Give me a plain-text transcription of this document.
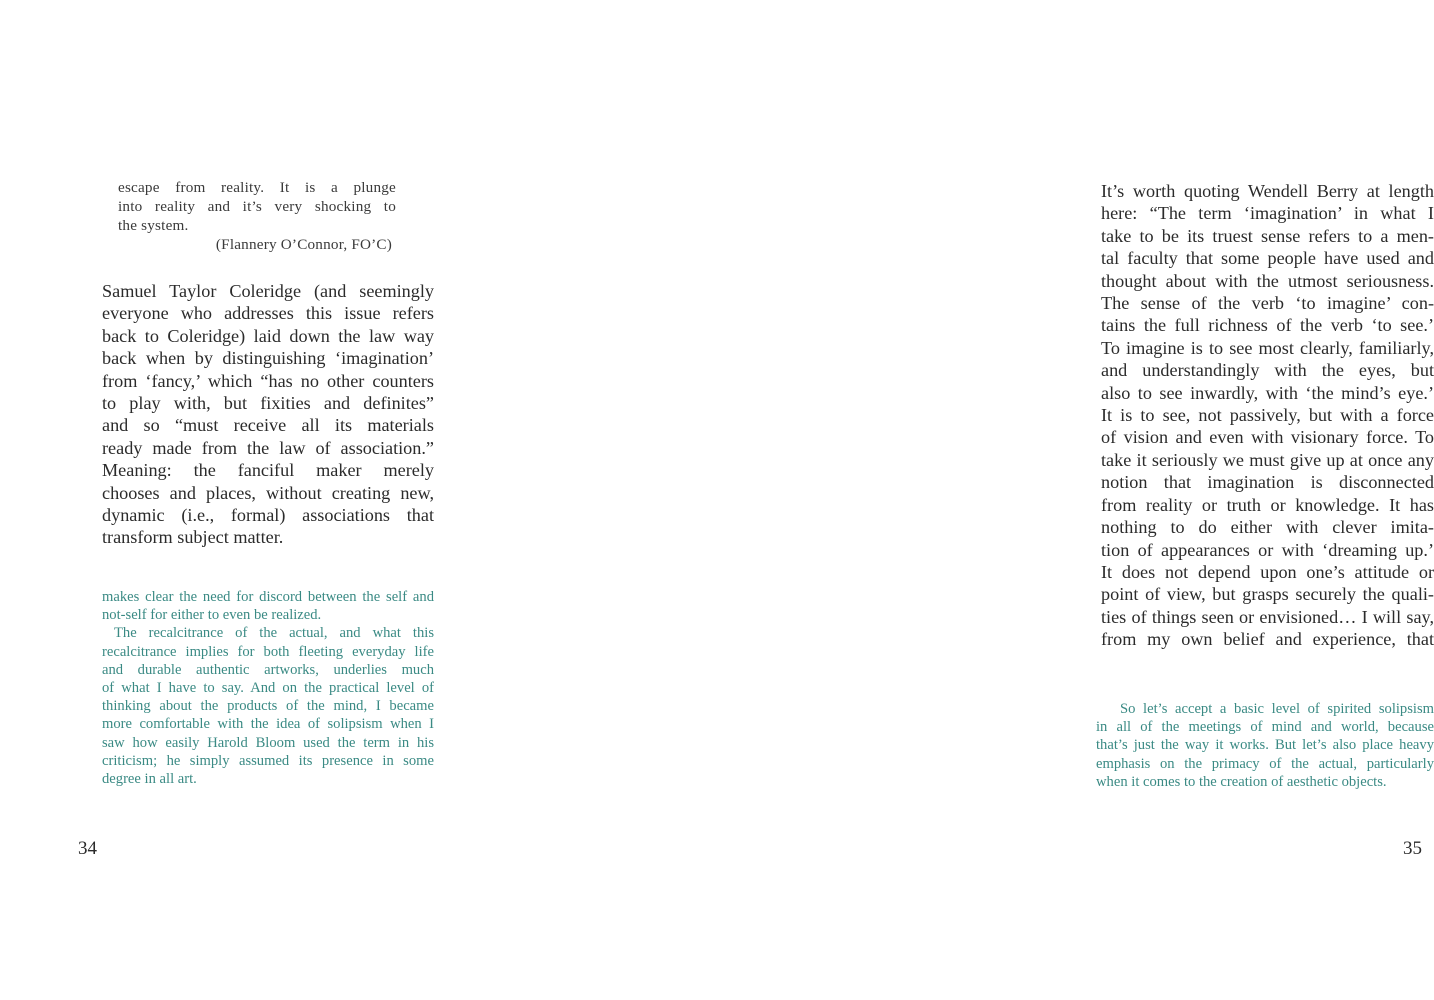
escape from reality. It is a plunge
into reality and it’s very shocking to
the system.
(Flannery O’Connor, FO’C)
Samuel Taylor Coleridge (and seemingly
everyone who addresses this issue refers
back to Coleridge) laid down the law way
back when by distinguishing ‘imagination’
from ‘fancy,’ which “has no other counters
to play with, but fixities and definites”
and so “must receive all its materials
ready made from the law of association.”
Meaning: the fanciful maker merely
chooses and places, without creating new,
dynamic (i.e., formal) associations that
transform subject matter.
makes clear the need for discord between the self and
not-self for either to even be realized.
The recalcitrance of the actual, and what this
recalcitrance implies for both fleeting everyday life
and durable authentic artworks, underlies much
of what I have to say. And on the practical level of
thinking about the products of the mind, I became
more comfortable with the idea of solipsism when I
saw how easily Harold Bloom used the term in his
criticism; he simply assumed its presence in some
degree in all art.
34
It’s worth quoting Wendell Berry at length
here: “The term ‘imagination’ in what I
take to be its truest sense refers to a men-
tal faculty that some people have used and
thought about with the utmost seriousness.
The sense of the verb ‘to imagine’ con-
tains the full richness of the verb ‘to see.’
To imagine is to see most clearly, familiarly,
and understandingly with the eyes, but
also to see inwardly, with ‘the mind’s eye.’
It is to see, not passively, but with a force
of vision and even with visionary force. To
take it seriously we must give up at once any
notion that imagination is disconnected
from reality or truth or knowledge. It has
nothing to do either with clever imita-
tion of appearances or with ‘dreaming up.’
It does not depend upon one’s attitude or
point of view, but grasps securely the quali-
ties of things seen or envisioned… I will say,
from my own belief and experience, that
So let’s accept a basic level of spirited solipsism
in all of the meetings of mind and world, because
that’s just the way it works. But let’s also place heavy
emphasis on the primacy of the actual, particularly
when it comes to the creation of aesthetic objects.
35
